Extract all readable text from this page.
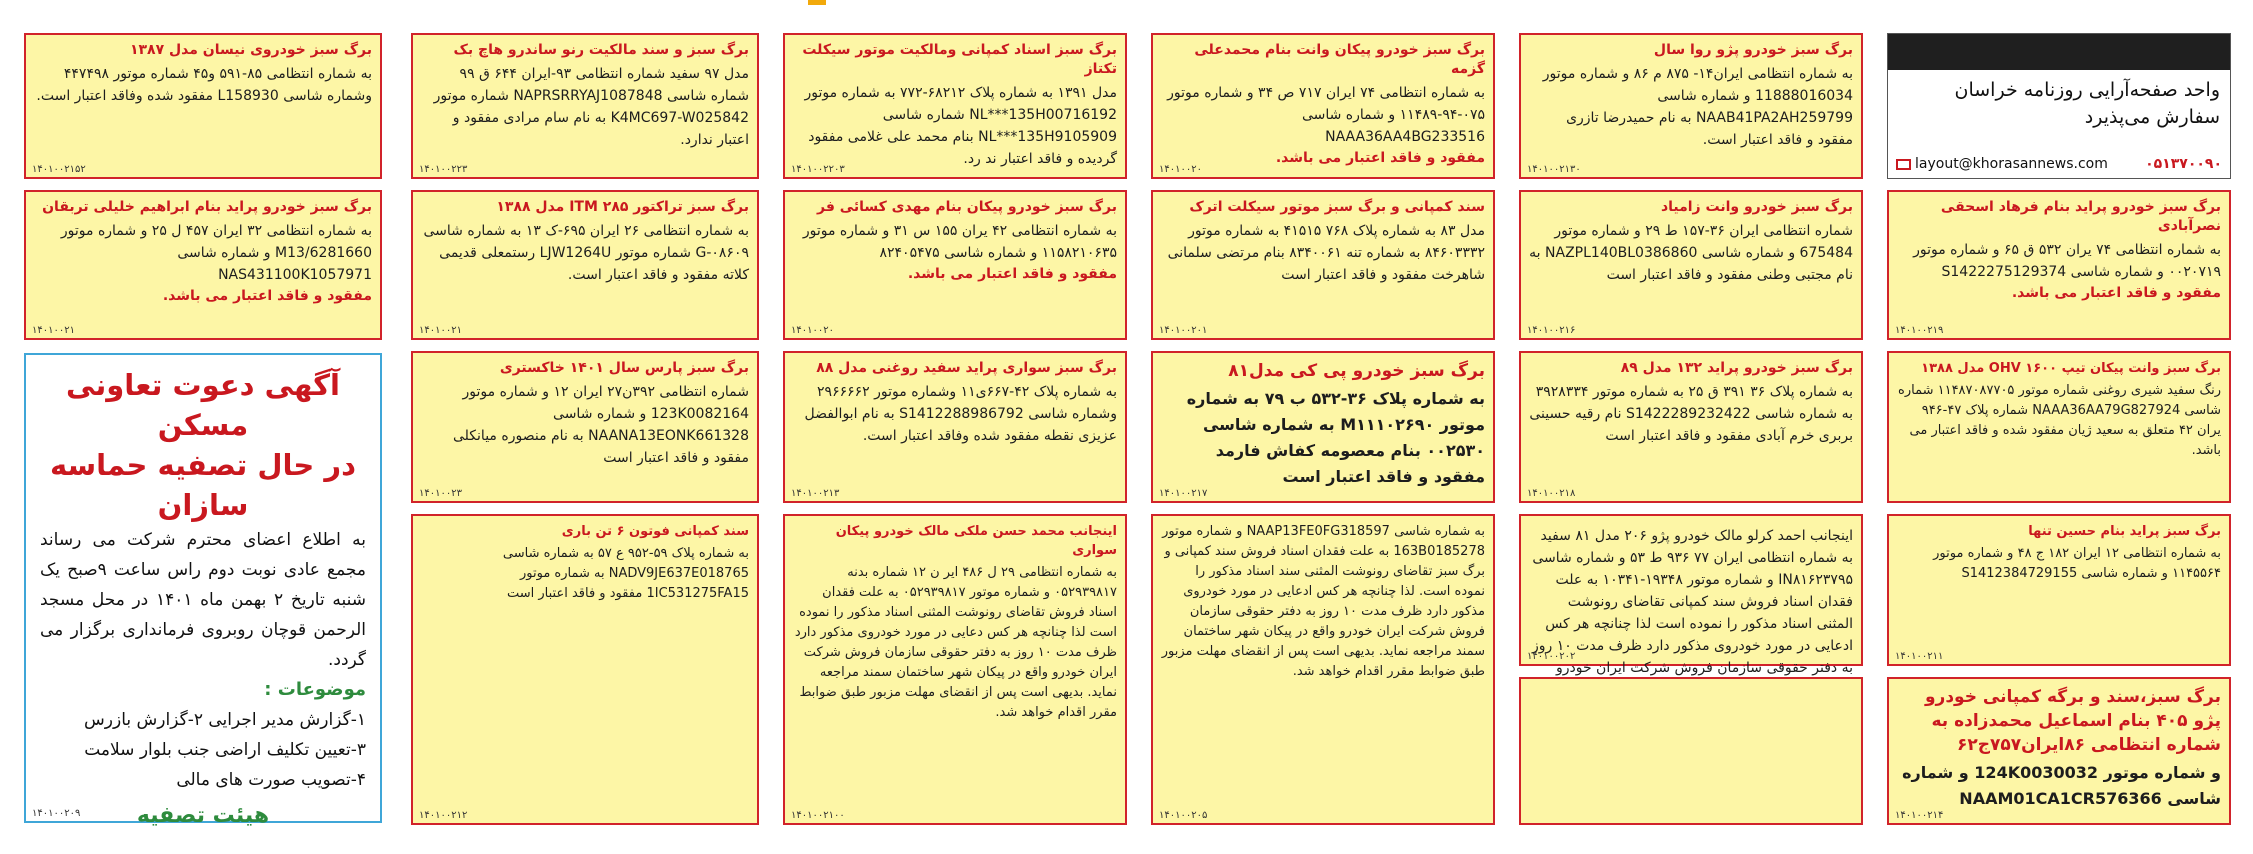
واحد صفحه‌آرایی روزنامه خراسان
سفارش می‌پذیرد
layout@khorasannews.com	۰۵۱۳۷۰۰۹۰
برگ سبز خودرو پراید بنام فرهاد اسحقی نصرآبادی
به شماره انتظامی ۷۴ یران ۵۳۲ ق ۶۵ و شماره موتور ۰۰۲۰۷۱۹ و شماره شاسی S1422275129374
مفقود و فاقد اعتبار می باشد.
۱۴۰۱۰۰۲۱۹
برگ سبز وانت پیکان تیپ OHV ۱۶۰۰ مدل ۱۳۸۸
رنگ سفید شیری روغنی شماره موتور ۱۱۴۸۷۰۸۷۷۰۵ شماره شاسی NAAA36AA79G827924 شماره پلاک ۴۷-۹۴۶ یران ۴۲ متعلق به سعید ژیان مفقود شده و فاقد اعتبار می باشد.
برگ سبز پراید بنام حسین تنها
به شماره انتظامی ۱۲ ایران ۱۸۲ ج ۴۸ و شماره موتور ۱۱۴۵۵۶۴ و شماره شاسی S1412384729155
۱۴۰۱۰۰۲۱۱
برگ سبز،سند و برگه کمپانی خودرو پژو ۴۰۵ بنام اسماعیل محمدزاده به شماره انتظامی ۸۶ایران۷۵۷ج۶۲
و شماره موتور 124K0030032 و شماره شاسی NAAM01CA1CR576366
۱۴۰۱۰۰۲۱۴
برگ سبز خودرو پژو روا سال
به شماره انتظامی ایران۱۴- ۸۷۵ م ۸۶ و شماره موتور 11888016034 و شماره شاسی NAAB41PA2AH259799 به نام حمیدرضا تازری مفقود و فاقد اعتبار است.
۱۴۰۱۰۰۲۱۳۰
برگ سبز خودرو وانت زامیاد
شماره انتظامی ایران ۳۶-۱۵۷ ط ۲۹ و شماره موتور 675484 و شماره شاسی NAZPL140BL0386860 به نام مجتبی وطنی مفقود و فاقد اعتبار است
۱۴۰۱۰۰۲۱۶
برگ سبز خودرو پراید ۱۳۲ مدل ۸۹
به شماره پلاک ۳۶ ۳۹۱ ق ۲۵ به شماره موتور ۳۹۲۸۳۳۴ به شماره شاسی S1422289232422 نام رقیه حسینی بربری خرم آبادی مفقود و فاقد اعتبار است
۱۴۰۱۰۰۲۱۸
اینجانب احمد کرلو مالک خودرو پژو ۲۰۶ مدل ۸۱ سفید به شماره انتظامی ایران ۷۷ ۹۳۶ ط ۵۳ و شماره شاسی IN۸۱۶۲۳۷۹۵ و شماره موتور ۱۹۳۴۸-۱۰۳۴۱ به علت فقدان اسناد فروش سند کمپانی تقاضای رونوشت المثنی اسناد مذکور را نموده است لذا چنانچه هر کس ادعایی در مورد خودروی مذکور دارد ظرف مدت ۱۰ روز به دفتر حقوقی سازمان فروش شرکت ایران خودرو
۱۴۰۱۰۰۲۰۲
برگ سبز خودرو پیکان وانت بنام محمدعلی گزمه
به شماره انتظامی ۷۴ ایران ۷۱۷ ص ۳۴ و شماره موتور ۰۷۵-۹۴-۱۱۴۸۹ و شماره شاسی NAAA36AA4BG233516
مفقود و فاقد اعتبار می باشد.
۱۴۰۱۰۰۲۰
سند کمپانی و برگ سبز موتور سیکلت اترک
مدل ۸۳ به شماره پلاک ۷۶۸ ۴۱۵۱۵ به شماره موتور ۸۴۶۰۳۳۳۲ به شماره تنه ۸۳۴۰۰۶۱ بنام مرتضی سلمانی شاهرخت مفقود و فاقد اعتبار است
۱۴۰۱۰۰۲۰۱
برگ سبز خودرو پی کی مدل۸۱
به شماره پلاک ۳۶-۵۳۲ ب ۷۹ به شماره موتور M۱۱۱۰۲۶۹۰ به شماره شاسی ۰۰۲۵۳۰ بنام معصومه کفاش فارمد مفقود و فاقد اعتبار است
۱۴۰۱۰۰۲۱۷
به شماره شاسی NAAP13FE0FG318597 و شماره موتور 163B0185278 به علت فقدان اسناد فروش سند کمپانی و برگ سبز تقاضای رونوشت المثنی سند اسناد مذکور را نموده است. لذا چنانچه هر کس ادعایی در مورد خودروی مذکور دارد ظرف مدت ۱۰ روز به دفتر حقوقی سازمان فروش شرکت ایران خودرو واقع در پیکان شهر ساختمان سمند مراجعه نماید. بدیهی است پس از انقضای مهلت مزبور طبق ضوابط مقرر اقدام خواهد شد.
۱۴۰۱۰۰۲۰۵
برگ سبز اسناد کمپانی ومالکیت موتور سیکلت تکتاز
مدل ۱۳۹۱ به شماره پلاک ۶۸۲۱۲-۷۷۲ به شماره موتور NL***135H00716192 شماره شاسی NL***135H9105909 بنام محمد علی غلامی مفقود گردیده و فاقد اعتبار ند رد.
۱۴۰۱۰۰۲۲۰۳
برگ سبز خودرو پیکان بنام مهدی کسائی فر
به شماره انتظامی ۴۲ یران ۱۵۵ س ۳۱ و شماره موتور ۱۱۵۸۲۱۰۶۳۵ و شماره شاسی ۸۲۴۰۵۴۷۵
مفقود و فاقد اعتبار می باشد.
۱۴۰۱۰۰۲۰
برگ سبز سواری پراید سفید روغنی مدل ۸۸
به شماره پلاک ۴۲-۶۶۷ی۱۱ وشماره موتور ۲۹۶۶۶۶۲ وشماره شاسی S1412288986792 به نام ابوالفضل عزیزی نقطه مفقود شده وفاقد اعتبار است.
۱۴۰۱۰۰۲۱۳
اینجانب محمد حسن ملکی مالک خودرو پیکان سواری
به شماره انتظامی ۲۹ ل ۴۸۶ ایر ن ۱۲ شماره بدنه ۰۵۲۹۳۹۸۱۷ و شماره موتور ۰۵۲۹۳۹۸۱۷ به علت فقدان اسناد فروش تقاضای رونوشت المثنی اسناد مذکور را نموده است لذا چنانچه هر کس دعایی در مورد خودروی مذکور دارد ظرف مدت ۱۰ روز به دفتر حقوقی سازمان فروش شرکت ایران خودرو واقع در پیکان شهر ساختمان سمند مراجعه نماید. بدیهی است پس از انقضای مهلت مزبور طبق ضوابط مقرر اقدام خواهد شد.
۱۴۰۱۰۰۲۱۰۰
برگ سبز و سند مالکیت رنو ساندرو هاچ بک
مدل ۹۷ سفید شماره انتظامی ۹۳-ایران ۶۴۴ ق ۹۹ شماره شاسی NAPRSRRYAJ1087848 شماره موتور K4MC697-W025842 به نام سام مرادی مفقود و اعتبار ندارد.
۱۴۰۱۰۰۲۲۳
برگ سبز تراکتور ITM ۲۸۵ مدل ۱۳۸۸
به شماره انتظامی ۲۶ ایران ۶۹۵-ک ۱۳ به شماره شاسی ۰۸۶۰۹-G شماره موتور LJW1264U رستمعلی قدیمی کلاته مفقود و فاقد اعتبار است.
۱۴۰۱۰۰۲۱
برگ سبز پارس سال ۱۴۰۱ خاکستری
شماره انتظامی ۳۹۲ن۲۷ ایران ۱۲ و شماره موتور 123K0082164 و شماره شاسی NAANA13EONK661328 به نام منصوره میانکلی مفقود و فاقد اعتبار است
۱۴۰۱۰۰۲۳
سند کمپانی فوتون ۶ تن باری
به شماره پلاک ۵۹-۹۵۲ ع ۵۷ به شماره شاسی NADV9JE637E018765 به شماره موتور 1IC531275FA15 مفقود و فاقد اعتبار است
۱۴۰۱۰۰۲۱۲
برگ سبز خودروی نیسان مدل ۱۳۸۷
به شماره انتظامی ۸۵-۵۹۱ و۴۵ شماره موتور ۴۴۷۴۹۸ وشماره شاسی L158930 مفقود شده وفاقد اعتبار است.
۱۴۰۱۰۰۲۱۵۲
برگ سبز خودرو پراید بنام ابراهیم خلیلی تربقان
به شماره انتظامی ۳۲ ایران ۴۵۷ ل ۲۵ و شماره موتور M13/6281660 و شماره شاسی NAS431100K1057971
مفقود و فاقد اعتبار می باشد.
۱۴۰۱۰۰۲۱
آگهی دعوت تعاونی مسکن
در حال تصفیه حماسه سازان
به اطلاع اعضای محترم شرکت می رساند مجمع عادی نوبت دوم راس ساعت ۹صبح یک شنبه تاریخ ۲ بهمن ماه ۱۴۰۱ در محل مسجد الرحمن قوچان روبروی فرمانداری برگزار می گردد.
موضوعات :
۱-گزارش مدیر اجرایی ۲-گزارش بازرس
۳-تعیین تکلیف اراضی جنب بلوار سلامت
۴-تصویب صورت های مالی
هیئت تصفیه
۱۴۰۱۰۰۲۰۹
